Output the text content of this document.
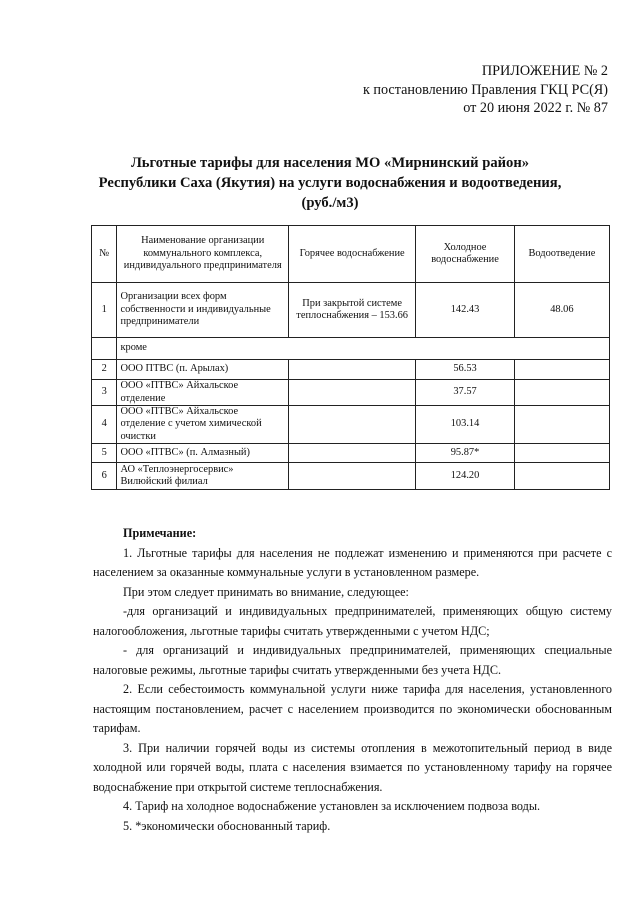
ПРИЛОЖЕНИЕ № 2
к постановлению Правления ГКЦ РС(Я)
от 20 июня 2022 г. № 87
Льготные тарифы для населения МО «Мирнинский район»
Республики Саха (Якутия) на услуги водоснабжения и водоотведения,
(руб./м3)
№	Наименование организации коммунального комплекса, индивидуального предпринимателя	Горячее водоснабжение	Холодное водоснабжение	Водоотведение
1	Организации всех форм собственности и индивидуальные предприниматели	При закрытой системе теплоснабжения – 153.66	142.43	48.06
	кроме			
2	ООО ПТВС (п. Арылах)		56.53	
3	ООО «ПТВС» Айхальское отделение		37.57	
4	ООО «ПТВС» Айхальское отделение с учетом химической очистки		103.14	
5	ООО «ПТВС» (п. Алмазный)		95.87*	
6	АО «Теплоэнергосервис» Вилюйский филиал		124.20	

Примечание:

1. Льготные тарифы для населения не подлежат изменению и применяются при расчете с населением за оказанные коммунальные услуги в установленном размере.

При этом следует принимать во внимание, следующее:

-для организаций и индивидуальных предпринимателей, применяющих общую систему налогообложения, льготные тарифы считать утвержденными с учетом НДС;

- для организаций и индивидуальных предпринимателей, применяющих специальные налоговые режимы, льготные тарифы считать утвержденными без учета НДС.

2. Если себестоимость коммунальной услуги ниже тарифа для населения, установленного настоящим постановлением, расчет с населением производится по экономически обоснованным тарифам.

3. При наличии горячей воды из системы отопления в межотопительный период в виде холодной или горячей воды, плата с населения взимается по установленному тарифу на горячее водоснабжение при открытой системе теплоснабжения.

4. Тариф на холодное водоснабжение установлен за исключением подвоза воды.

5. *экономически обоснованный тариф.
